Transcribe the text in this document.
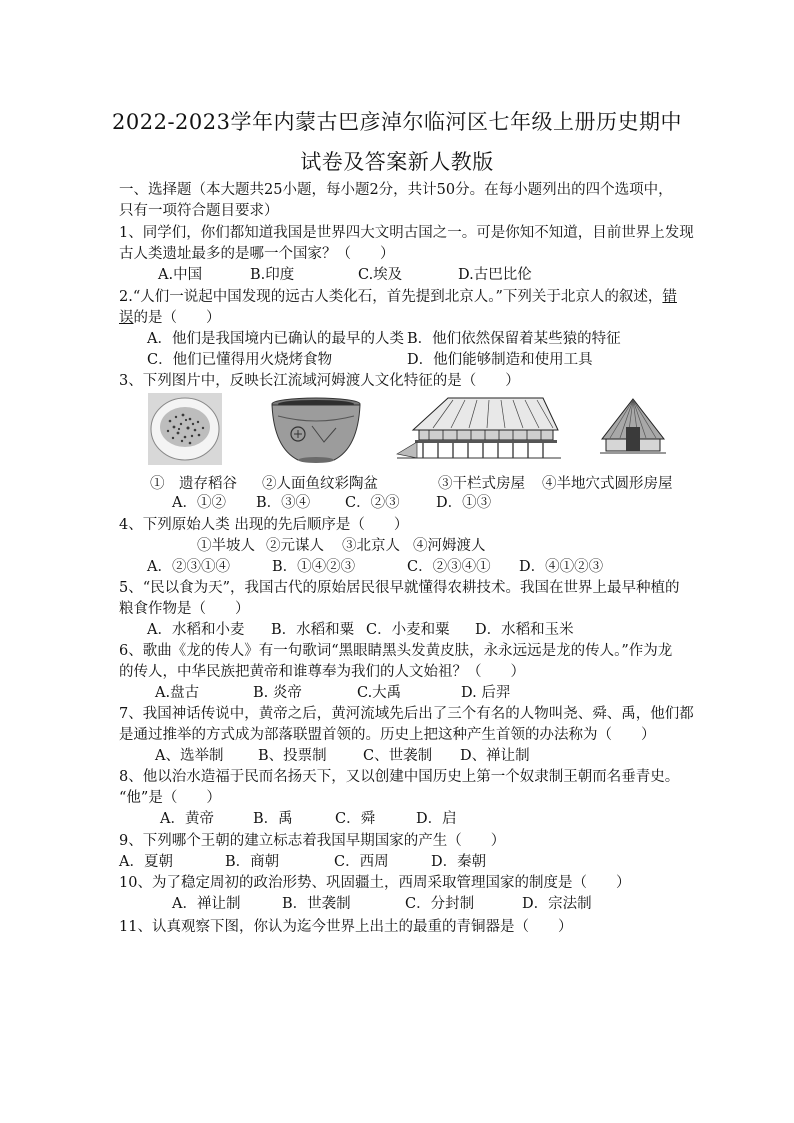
2022-2023学年内蒙古巴彦淖尔临河区七年级上册历史期中
试卷及答案新人教版
一、选择题（本大题共25小题，每小题2分，共计50分。在每小题列出的四个选项中，
只有一项符合题目要求）
1、同学们，你们都知道我国是世界四大文明古国之一。可是你知不知道，目前世界上发现
古人类遗址最多的是哪一个国家？（　　）
A.中国	B.印度	C.埃及	D.古巴比伦
2.“人们一说起中国发现的远古人类化石，首先提到北京人。”下列关于北京人的叙述，错
误的是（　　）
A．他们是我国境内已确认的最早的人类 B．他们依然保留着某些猿的特征
C．他们已懂得用火烧烤食物	D．他们能够制造和使用工具
3、下列图片中，反映长江流域河姆渡人文化特征的是（　　）
①　遗存稻谷 ②人面鱼纹彩陶盆	③干栏式房屋 ④半地穴式圆形房屋
A．①② B．③④ C．②③	D．①③
4、下列原始人类 出现的先后顺序是（　　）
①半坡人 ②元谋人 ③北京人 ④河姆渡人
A．②③①④	B．①④②③	C．②③④① D．④①②③
5、“民以食为天”，我国古代的原始居民很早就懂得农耕技术。我国在世界上最早种植的
粮食作物是（　　）
A．水稻和小麦 B．水稻和粟 C．小麦和粟 D．水稻和玉米
6、歌曲《龙的传人》有一句歌词“黑眼睛黑头发黄皮肤，永永远远是龙的传人。”作为龙
的传人，中华民族把黄帝和谁尊奉为我们的人文始祖？（　　）
A.盘古	B. 炎帝	C.大禹	D. 后羿
7、我国神话传说中，黄帝之后，黄河流域先后出了三个有名的人物叫尧、舜、禹，他们都
是通过推举的方式成为部落联盟首领的。历史上把这种产生首领的办法称为（　　）
A、选举制 B、投票制	C、世袭制 D、禅让制
8、他以治水造福于民而名扬天下，又以创建中国历史上第一个奴隶制王朝而名垂青史。
“他”是（　　）
A．黄帝	B．禹	C．舜	D．启
9、下列哪个王朝的建立标志着我国早期国家的产生（　　）
A．夏朝	B．商朝	C．西周	D．秦朝
10、为了稳定周初的政治形势、巩固疆土，西周采取管理国家的制度是（　　）
A．禅让制	B．世袭制	C．分封制	D．宗法制
11、认真观察下图，你认为迄今世界上出土的最重的青铜器是（　　）
